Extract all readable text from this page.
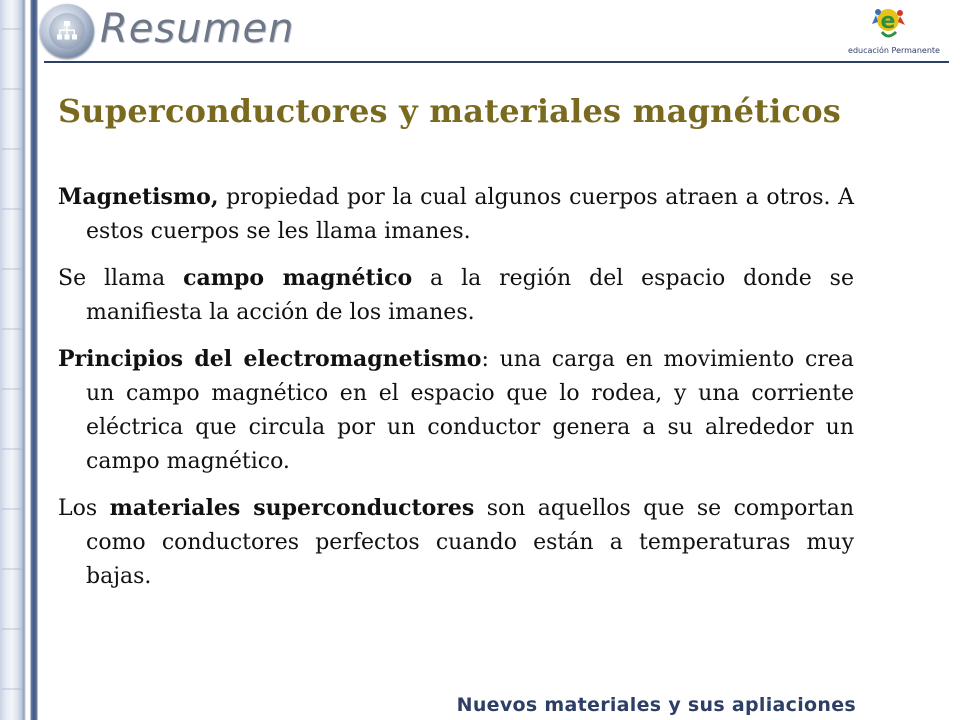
Resumen	e
educación Permanente
Superconductores y materiales magnéticos

Magnetismo, propiedad por la cual algunos cuerpos atraen a otros. A estos cuerpos se les llama imanes.

Se llama campo magnético a la región del espacio donde se manifiesta la acción de los imanes.

Principios del electromagnetismo: una carga en movimiento crea un campo magnético en el espacio que lo rodea, y una corriente eléctrica que circula por un conductor genera a su alrededor un campo magnético.

Los materiales superconductores son aquellos que se comportan como conductores perfectos cuando están a temperaturas muy bajas.

Nuevos materiales y sus apliaciones
